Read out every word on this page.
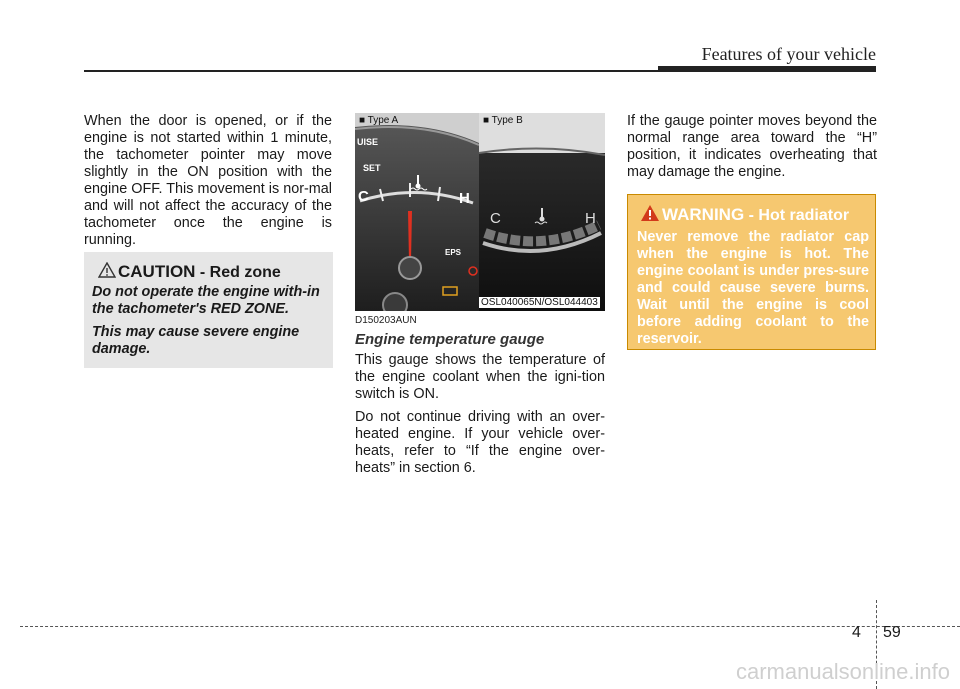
Features of your vehicle

When the door is opened, or if the engine is not started within 1 minute, the tachometer pointer may move slightly in the ON position with the engine OFF. This movement is nor-mal and will not affect the accuracy of the tachometer once the engine is running.

CAUTION - Red zone

Do not operate the engine with-in the tachometer's RED ZONE.

This may cause severe engine damage.

UISE
SET
C	H
EPS
C	H
■ Type A	■ Type B
OSL040065N/OSL044403
D150203AUN
Engine temperature gauge

This gauge shows the temperature of the engine coolant when the igni-tion switch is ON.

Do not continue driving with an over-heated engine. If your vehicle over-heats, refer to “If the engine over-heats” in section 6.

If the gauge pointer moves beyond the normal range area toward the “H” position, it indicates overheating that may damage the engine.

WARNING - Hot radiator
Never remove the radiator cap when the engine is hot. The engine coolant is under pres-sure and could cause severe burns. Wait until the engine is cool before adding coolant to the reservoir.
4 59
carmanualsonline.info
